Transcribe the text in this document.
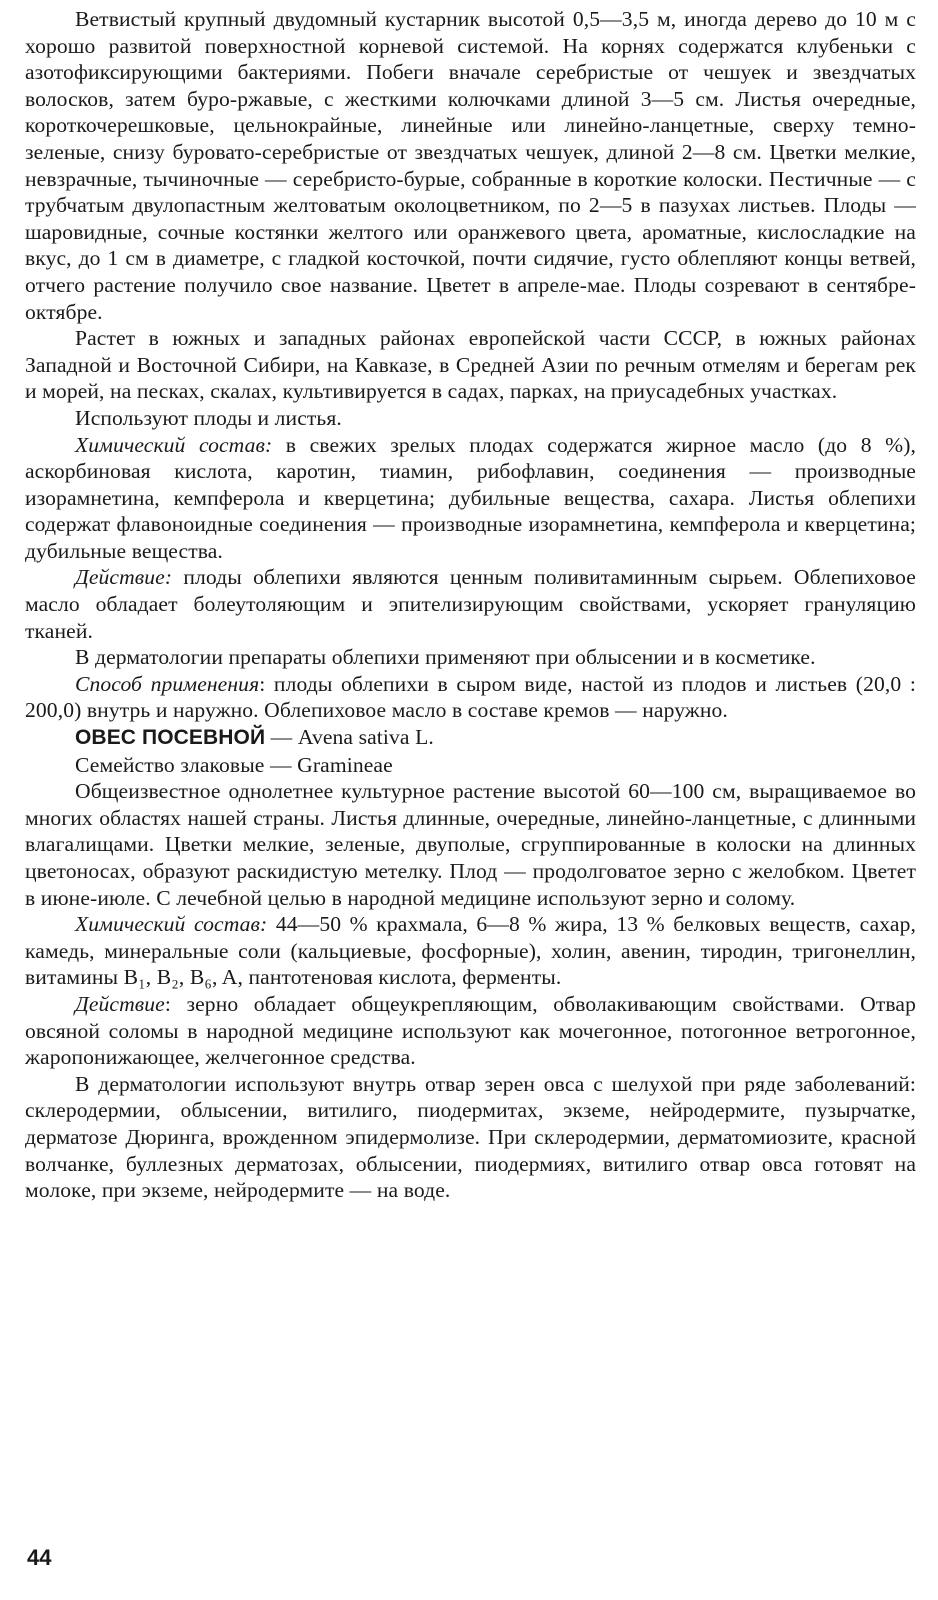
Ветвистый крупный двудомный кустарник высотой 0,5—3,5 м, иногда дерево до 10 м с хорошо развитой поверхностной корневой системой. На корнях содержатся клубеньки с азотофиксирующими бактериями. Побеги вначале серебристые от чешуек и звездчатых волосков, затем буро-ржавые, с жесткими колючками длиной 3—5 см. Листья очередные, короткочерешковые, цельнокрайные, линейные или линейно-ланцетные, сверху темно-зеленые, снизу буровато-серебристые от звездчатых чешуек, длиной 2—8 см. Цветки мелкие, невзрачные, тычиночные — серебристо-бурые, собранные в короткие колоски. Пестичные — с трубчатым двулопастным желтоватым околоцветником, по 2—5 в пазухах листьев. Плоды — шаровидные, сочные костянки желтого или оранжевого цвета, ароматные, кислосладкие на вкус, до 1 см в диаметре, с гладкой косточкой, почти сидячие, густо облепляют концы ветвей, отчего растение получило свое название. Цветет в апреле-мае. Плоды созревают в сентябре-октябре.

Растет в южных и западных районах европейской части СССР, в южных районах Западной и Восточной Сибири, на Кавказе, в Средней Азии по речным отмелям и берегам рек и морей, на песках, скалах, культивируется в садах, парках, на приусадебных участках.

Используют плоды и листья.

Химический состав: в свежих зрелых плодах содержатся жирное масло (до 8 %), аскорбиновая кислота, каротин, тиамин, рибофлавин, соединения — производные изорамнетина, кемпферола и кверцетина; дубильные вещества, сахара. Листья облепихи содержат флавоноидные соединения — производные изорамнетина, кемпферола и кверцетина; дубильные вещества.

Действие: плоды облепихи являются ценным поливитаминным сырьем. Облепиховое масло обладает болеутоляющим и эпителизирующим свойствами, ускоряет грануляцию тканей.

В дерматологии препараты облепихи применяют при облысении и в косметике.

Способ применения: плоды облепихи в сыром виде, настой из плодов и листьев (20,0 : 200,0) внутрь и наружно. Облепиховое масло в составе кремов — наружно.

ОВЕС ПОСЕВНОЙ — Avena sativa L.

Семейство злаковые — Gramineae

Общеизвестное однолетнее культурное растение высотой 60—100 см, выращиваемое во многих областях нашей страны. Листья длинные, очередные, линейно-ланцетные, с длинными влагалищами. Цветки мелкие, зеленые, двуполые, сгруппированные в колоски на длинных цветоносах, образуют раскидистую метелку. Плод — продолговатое зерно с желобком. Цветет в июне-июле. С лечебной целью в народной медицине используют зерно и солому.

Химический состав: 44—50 % крахмала, 6—8 % жира, 13 % белковых веществ, сахар, камедь, минеральные соли (кальциевые, фосфорные), холин, авенин, тиродин, тригонеллин, витамины B₁, B₂, B₆, A, пантотеновая кислота, ферменты.

Действие: зерно обладает общеукрепляющим, обволакивающим свойствами. Отвар овсяной соломы в народной медицине используют как мочегонное, потогонное ветрогонное, жаропонижающее, желчегонное средства.

В дерматологии используют внутрь отвар зерен овса с шелухой при ряде заболеваний: склеродермии, облысении, витилиго, пиодермитах, экземе, нейродермите, пузырчатке, дерматозе Дюринга, врожденном эпидермолизе. При склеродермии, дерматомиозите, красной волчанке, буллезных дерматозах, облысении, пиодермиях, витилиго отвар овса готовят на молоке, при экземе, нейродермите — на воде.

44
